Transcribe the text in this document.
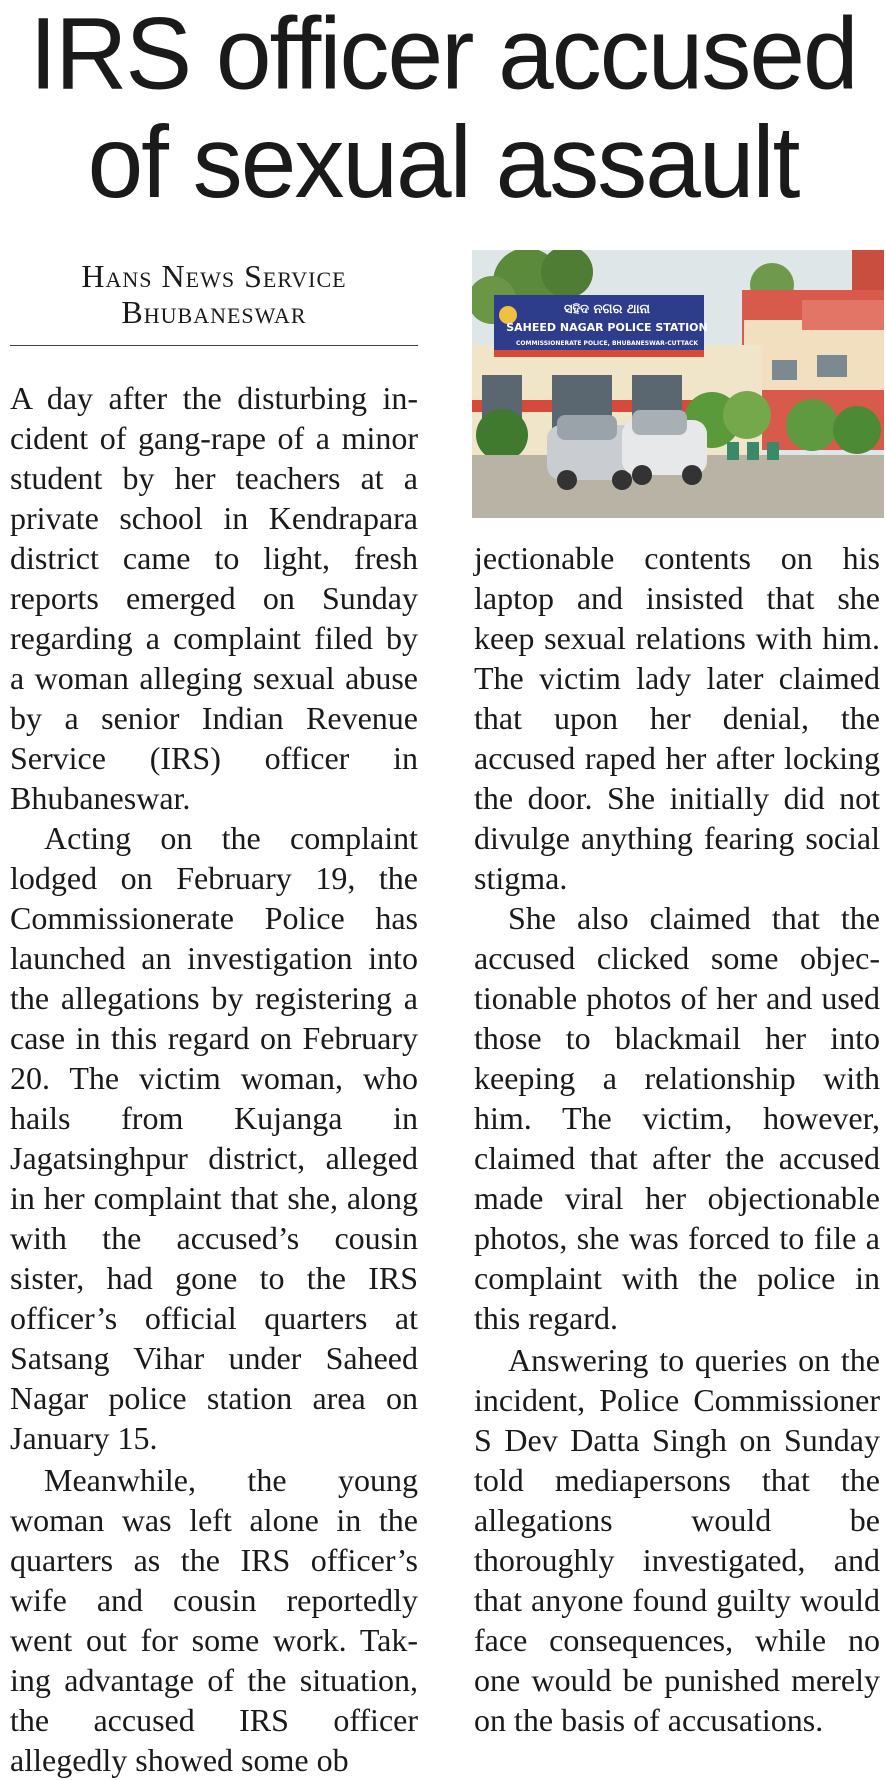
IRS officer accused
of sexual assault
Hans News Service
Bhubaneswar

A day after the disturbing incident of gang-rape of a minor student by her teachers at a private school in Kendrapara district came to light, fresh reports emerged on Sunday regarding a complaint filed by a woman alleging sexual abuse by a senior Indian Revenue Service (IRS) officer in Bhubaneswar.

Acting on the complaint lodged on February 19, the Commissionerate Police has launched an investigation into the allegations by registering a case in this regard on February 20. The victim woman, who hails from Kujanga in Jagatsinghpur district, alleged in her complaint that she, along with the accused’s cousin sister, had gone to the IRS officer’s official quarters at Satsang Vihar under Saheed Nagar police station area on January 15.

Meanwhile, the young woman was left alone in the quarters as the IRS officer’s wife and cousin reportedly went out for some work. Taking advantage of the situation, the accused IRS officer allegedly showed some ob

ସହିଦ ନଗର ଥାନା
SAHEED NAGAR POLICE STATION
COMMISSIONERATE POLICE, BHUBANESWAR-CUTTACK

jectionable contents on his laptop and insisted that she keep sexual relations with him. The victim lady later claimed that upon her denial, the accused raped her after locking the door. She initially did not divulge anything fearing social stigma.

She also claimed that the accused clicked some objectionable photos of her and used those to blackmail her into keeping a relationship with him. The victim, however, claimed that after the accused made viral her objectionable photos, she was forced to file a complaint with the police in this regard.

Answering to queries on the incident, Police Commissioner S Dev Datta Singh on Sunday told mediapersons that the allegations would be thoroughly investigated, and that anyone found guilty would face consequences, while no one would be punished merely on the basis of accusations.
